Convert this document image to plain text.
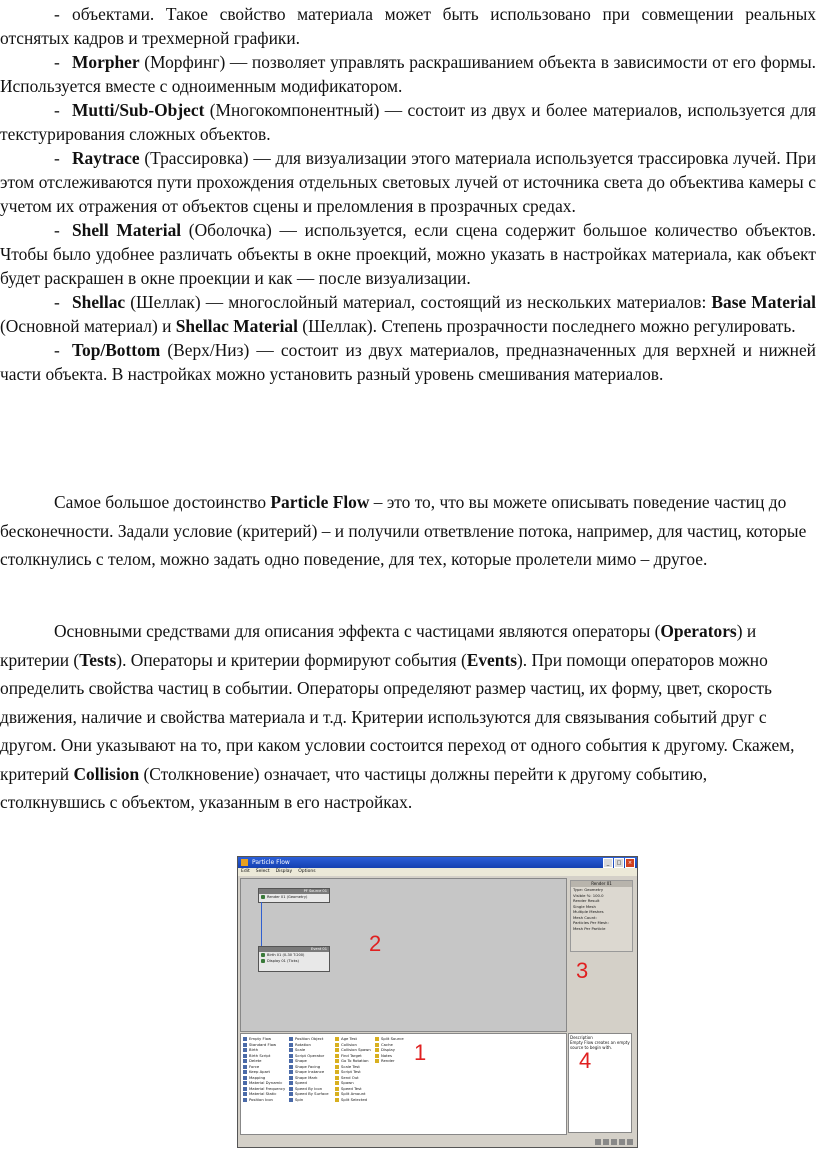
- объектами. Такое свойство материала может быть использовано при совмещении реальных отснятых кадров и трехмерной графики.

- Morpher (Морфинг) — позволяет управлять раскрашиванием объекта в зависимости от его формы. Используется вместе с одноименным модификатором.

- Mutti/Sub-Object (Многокомпонентный) — состоит из двух и более материалов, используется для текстурирования сложных объектов.

- Raytrace (Трассировка) — для визуализации этого материала используется трассировка лучей. При этом отслеживаются пути прохождения отдельных световых лучей от источника света до объектива камеры с учетом их отражения от объектов сцены и преломления в прозрачных средах.

- Shell Material (Оболочка) — используется, если сцена содержит большое количество объектов. Чтобы было удобнее различать объекты в окне проекций, можно указать в настройках материала, как объект будет раскрашен в окне проекции и как — после визуализации.

- Shellac (Шеллак) — многослойный материал, состоящий из нескольких материалов: Base Material (Основной материал) и Shellac Material (Шеллак). Степень прозрачности последнего можно регулировать.

- Top/Bottom (Верх/Низ) — состоит из двух материалов, предназначенных для верхней и нижней части объекта. В настройках можно установить разный уровень смешивания материалов.

Самое большое достоинство Particle Flow – это то, что вы можете описывать поведение частиц до бесконечности. Задали условие (критерий) – и получили ответвление потока, например, для частиц, которые столкнулись с телом, можно задать одно поведение, для тех, которые пролетели мимо – другое.

Основными средствами для описания эффекта с частицами являются операторы (Operators) и критерии (Tests). Операторы и критерии формируют события (Events). При помощи операторов можно определить свойства частиц в событии. Операторы определяют размер частиц, их форму, цвет, скорость движения, наличие и свойства материала и т.д. Критерии используются для связывания событий друг с другом. Они указывают на то, при каком условии состоится переход от одного события к другому. Скажем, критерий Collision (Столкновение) означает, что частицы должны перейти к другому событию, столкнувшись с объектом, указанным в его настройках.

Particle Flow	_	□	×
Edit Select Display Options
PF Source 01
Render 01 (Geometry)
Event 01
Birth 01 (0-30 T:200)
Display 01 (Ticks)
2
Render 01
Type: Geometry
Visible %: 100.0
Render Result
Single Mesh
Multiple Meshes
Mesh Count:
Particles Per Mesh:
Mesh Per Particle
3
Empty Flow
Standard Flow
Birth
Birth Script
Delete
Force
Keep Apart
Mapping
Material Dynamic
Material Frequency
Material Static
Position Icon
Position Object
Rotation
Scale
Script Operator
Shape
Shape Facing
Shape Instance
Shape Mark
Speed
Speed By Icon
Speed By Surface
Spin
Age Test
Collision
Collision Spawn
Find Target
Go To Rotation
Scale Test
Script Test
Send Out
Spawn
Speed Test
Split Amount
Split Selected
Split Source
Cache
Display
Notes
Render 1
Description
Empty Flow creates an empty source to begin with.
4
